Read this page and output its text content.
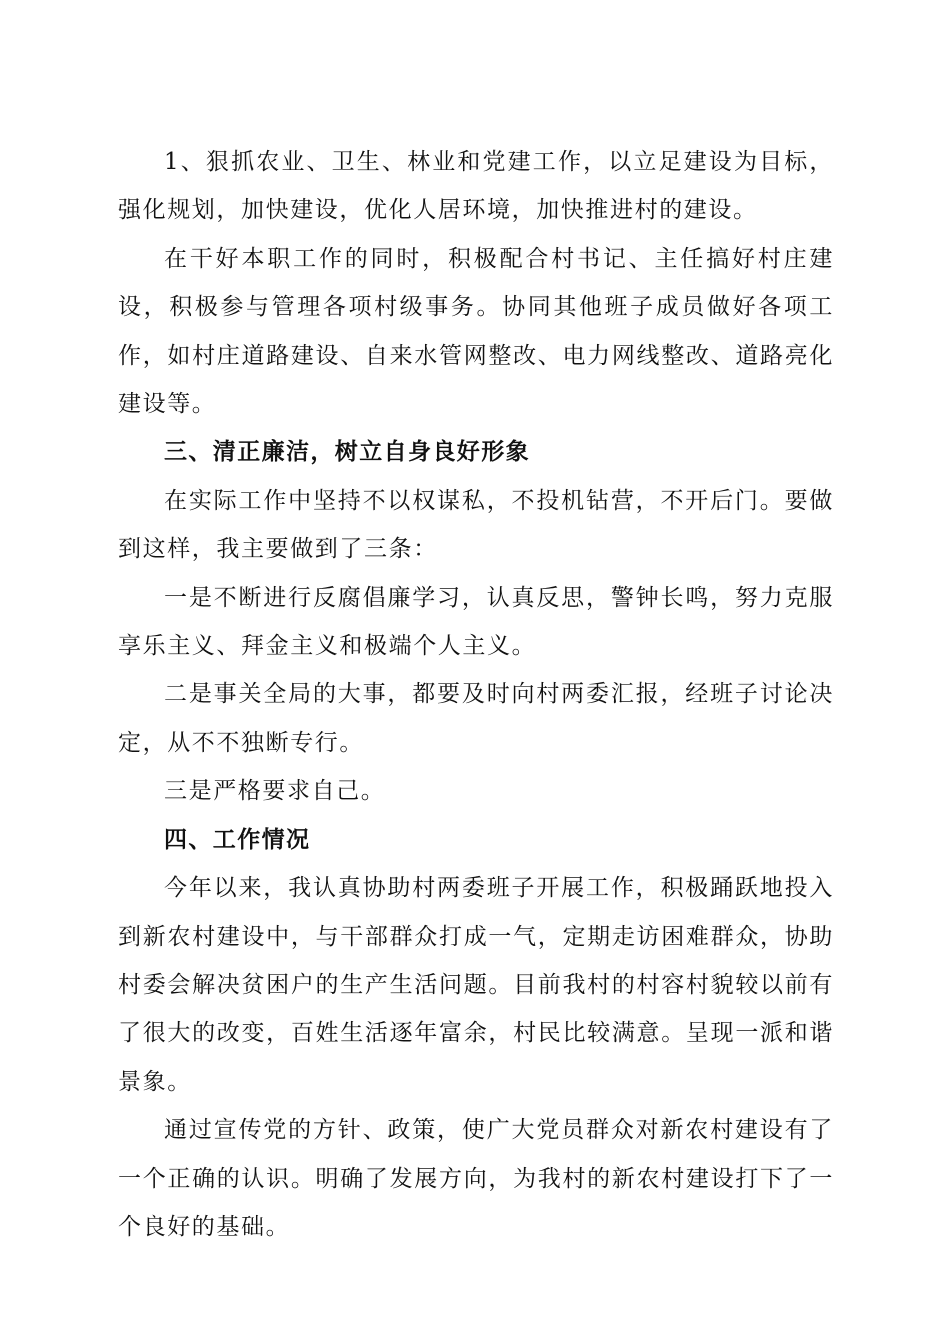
1、狠抓农业、卫生、林业和党建工作，以立足建设为目标，强化规划，加快建设，优化人居环境，加快推进村的建设。

在干好本职工作的同时，积极配合村书记、主任搞好村庄建设，积极参与管理各项村级事务。协同其他班子成员做好各项工作，如村庄道路建设、自来水管网整改、电力网线整改、道路亮化建设等。

三、清正廉洁，树立自身良好形象

在实际工作中坚持不以权谋私，不投机钻营，不开后门。要做到这样，我主要做到了三条：

一是不断进行反腐倡廉学习，认真反思，警钟长鸣，努力克服享乐主义、拜金主义和极端个人主义。

二是事关全局的大事，都要及时向村两委汇报，经班子讨论决定，从不不独断专行。

三是严格要求自己。

四、工作情况

今年以来，我认真协助村两委班子开展工作，积极踊跃地投入到新农村建设中，与干部群众打成一气，定期走访困难群众，协助村委会解决贫困户的生产生活问题。目前我村的村容村貌较以前有了很大的改变，百姓生活逐年富余，村民比较满意。呈现一派和谐景象。

通过宣传党的方针、政策，使广大党员群众对新农村建设有了一个正确的认识。明确了发展方向，为我村的新农村建设打下了一个良好的基础。
